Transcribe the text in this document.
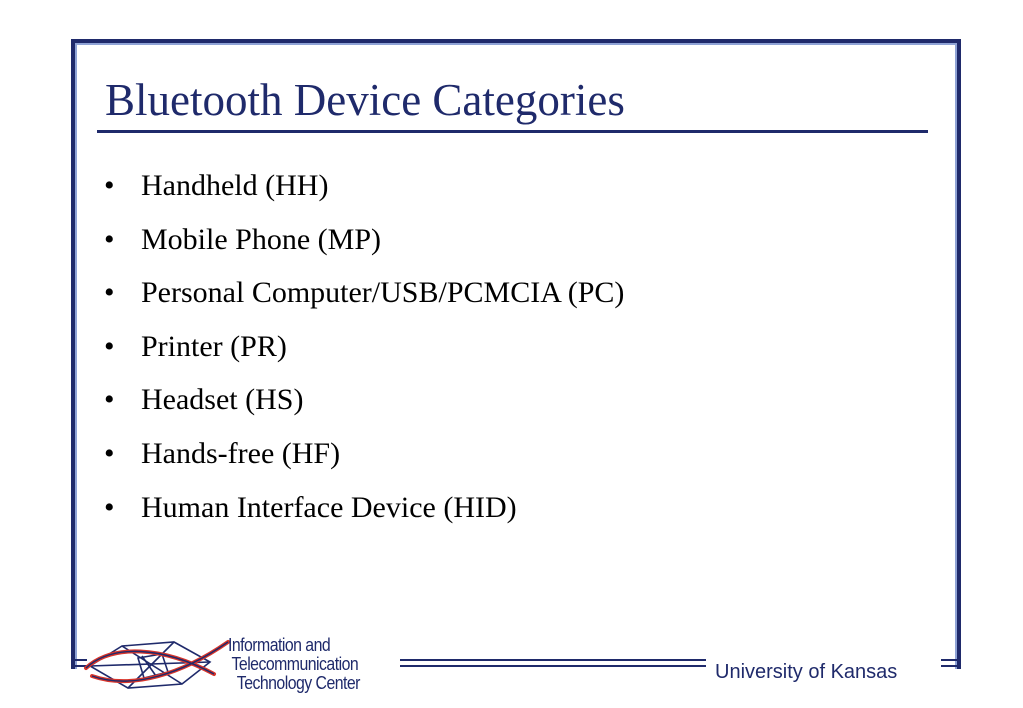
Bluetooth Device Categories
• Handheld (HH)
• Mobile Phone (MP)
• Personal Computer/USB/PCMCIA (PC)
• Printer (PR)
• Headset (HS)
• Hands-free (HF)
• Human Interface Device (HID)
Information and
Telecommunication
Technology Center	University of Kansas
